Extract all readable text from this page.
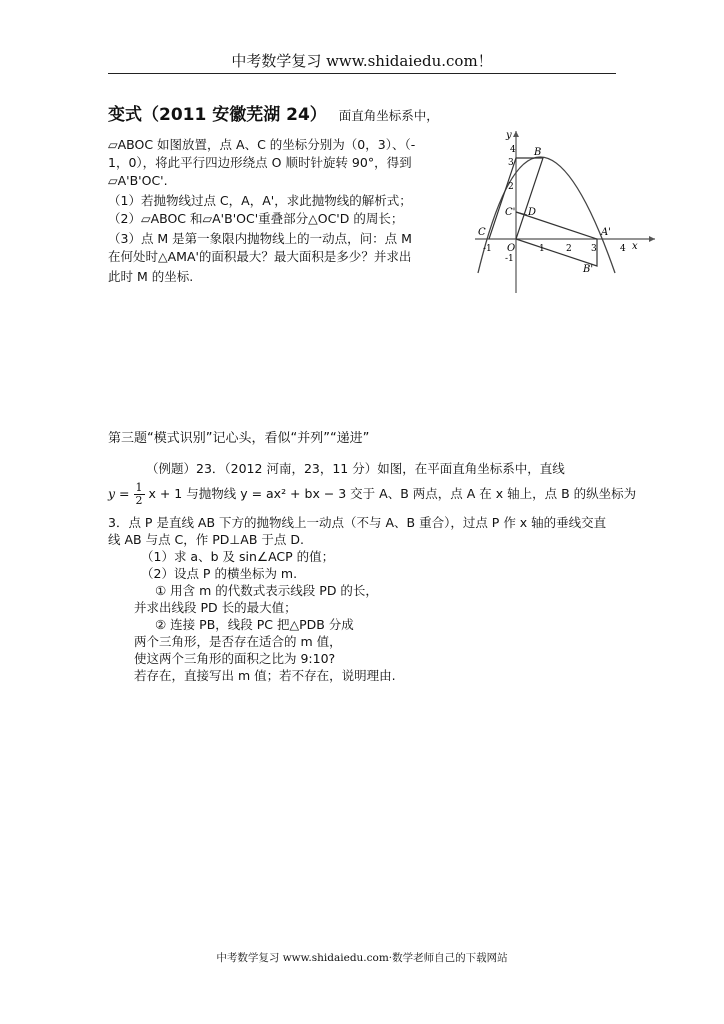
中考数学复习 www.shidaiedu.com！
变式（2011 安徽芜湖 24） 面直角坐标系中，
▱ABOC 如图放置，点 A、C 的坐标分别为（0，3）、（-
1，0），将此平行四边形绕点 O 顺时针旋转 90°，得到
▱A'B'OC'.
（1）若抛物线过点 C，A，A'，求此抛物线的解析式；
（2）▱ABOC 和▱A'B'OC'重叠部分△OC'D 的周长；
（3）点 M 是第一象限内抛物线上的一动点，问：点 M
在何处时△AMA'的面积最大？最大面积是多少？并求出
此时 M 的坐标.
y
x
O
4
3
2
-1
-1	1 2 3	4
C
B
C' D
A'
B'
第三题“模式识别”记心头，看似“并列”“递进”
（例题）23．（2012 河南，23，11 分）如图，在平面直角坐标系中，直线
$y = \frac{1}{2}$ x + 1 与抛物线 y = ax² + bx − 3 交于 A、B 两点，点 A 在 x 轴上，点 B 的纵坐标为
3．点 P 是直线 AB 下方的抛物线上一动点（不与 A、B 重合），过点 P 作 x 轴的垂线交直
线 AB 与点 C，作 PD⊥AB 于点 D.
（1）求 a、b 及 sin∠ACP 的值；
（2）设点 P 的横坐标为 m.
① 用含 m 的代数式表示线段 PD 的长，
并求出线段 PD 长的最大值；
② 连接 PB，线段 PC 把△PDB 分成
两个三角形，是否存在适合的 m 值，
使这两个三角形的面积之比为 9:10?
若存在，直接写出 m 值；若不存在，说明理由.
中考数学复习 www.shidaiedu.com·数学老师自己的下载网站
